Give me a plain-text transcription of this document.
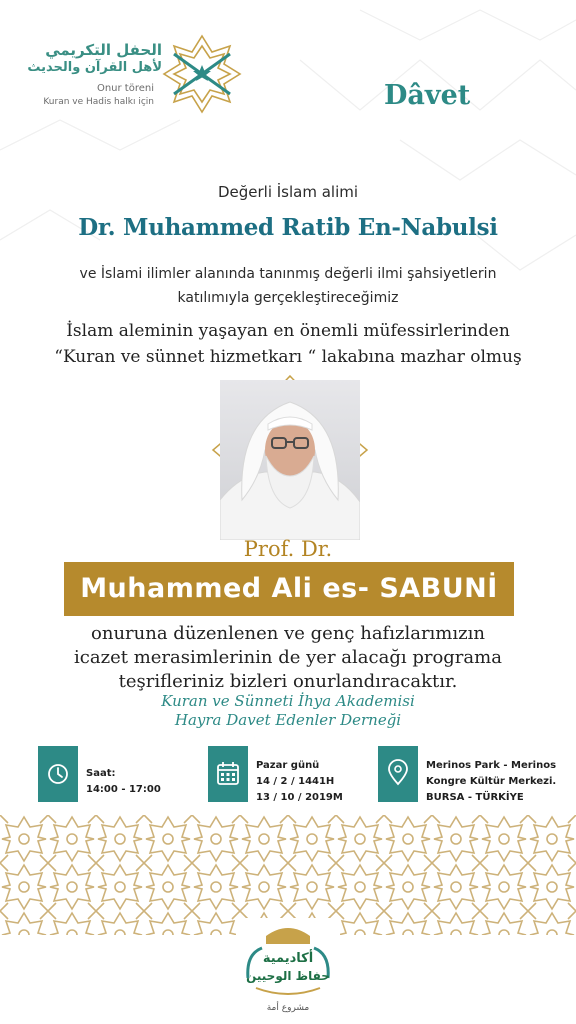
الحفل التكريمي
لأهل القرآن والحديث
Onur töreni
Kuran ve Hadis halkı için	Dâvet
Değerli İslam alimi
Dr. Muhammed Ratib En-Nabulsi
ve İslami ilimler alanında tanınmış değerli ilmi şahsiyetlerin
katılımıyla gerçekleştireceğimiz
İslam aleminin yaşayan en önemli müfessirlerinden
“Kuran ve sünnet hizmetkarı “ lakabına mazhar olmuş
Prof. Dr.
Muhammed Ali es- SABUNİ
onuruna düzenlenen ve genç hafızlarımızın
icazet merasimlerinin de yer alacağı programa
teşrifleriniz bizleri onurlandıracaktır.
Kuran ve Sünneti İhya Akademisi
Hayra Davet Edenler Derneği
Saat:
14:00 - 17:00
Pazar günü
14 / 2 / 1441H
13 / 10 / 2019M
Merinos Park - Merinos
Kongre Kültür Merkezi.
BURSA - TÜRKİYE
أكاديمية
حفاظ الوحيين
مشروع أمة
